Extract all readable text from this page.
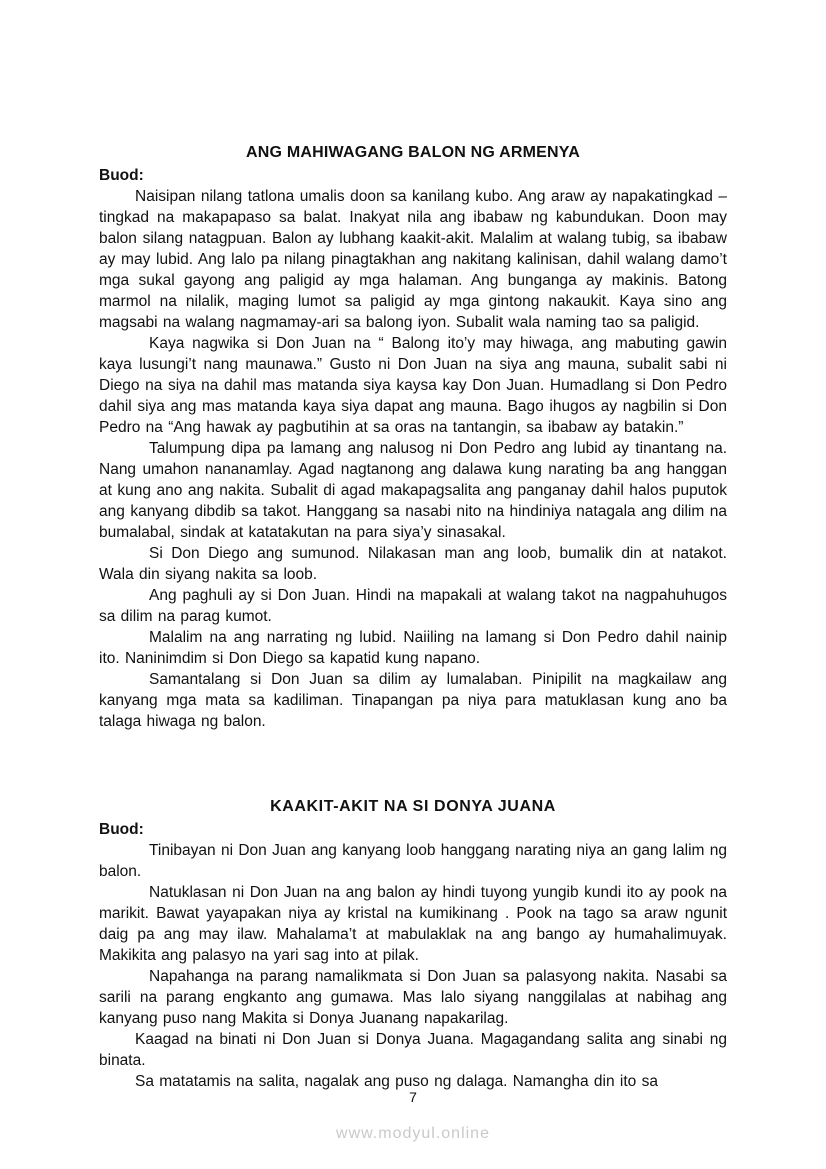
ANG MAHIWAGANG BALON NG ARMENYA
Buod:

Naisipan nilang tatlona umalis doon sa kanilang kubo. Ang araw ay napakatingkad –tingkad na makapapaso sa balat. Inakyat nila ang ibabaw ng kabundukan. Doon may balon silang natagpuan. Balon ay lubhang kaakit-akit. Malalim at walang tubig, sa ibabaw ay may lubid. Ang lalo pa nilang pinagtakhan ang nakitang kalinisan, dahil walang damo’t mga sukal gayong ang paligid ay mga halaman. Ang bunganga ay makinis. Batong marmol na nilalik, maging lumot sa paligid ay mga gintong nakaukit. Kaya sino ang magsabi na walang nagmamay-ari sa balong iyon. Subalit wala naming tao sa paligid.

Kaya nagwika si Don Juan na “ Balong ito’y may hiwaga, ang mabuting gawin kaya lusungi’t nang maunawa.” Gusto ni Don Juan na siya ang mauna, subalit sabi ni Diego na siya na dahil mas matanda siya kaysa kay Don Juan. Humadlang si Don Pedro dahil siya ang mas matanda kaya siya dapat ang mauna. Bago ihugos ay nagbilin si Don Pedro na “Ang hawak ay pagbutihin at sa oras na tantangin, sa ibabaw ay batakin.”

Talumpung dipa pa lamang ang nalusog ni Don Pedro ang lubid ay tinantang na. Nang umahon nananamlay. Agad nagtanong ang dalawa kung narating ba ang hanggan at kung ano ang nakita. Subalit di agad makapagsalita ang panganay dahil halos puputok ang kanyang dibdib sa takot. Hanggang sa nasabi nito na hindiniya natagala ang dilim na bumalabal, sindak at katatakutan na para siya’y sinasakal.

Si Don Diego ang sumunod. Nilakasan man ang loob, bumalik din at natakot. Wala din siyang nakita sa loob.

Ang paghuli ay si Don Juan. Hindi na mapakali at walang takot na nagpahuhugos sa dilim na parag kumot.

Malalim na ang narrating ng lubid. Naiiling na lamang si Don Pedro dahil nainip ito. Naninimdim si Don Diego sa kapatid kung napano.

Samantalang si Don Juan sa dilim ay lumalaban. Pinipilit na magkailaw ang kanyang mga mata sa kadiliman. Tinapangan pa niya para matuklasan kung ano ba talaga hiwaga ng balon.

KAAKIT-AKIT NA SI DONYA JUANA
Buod:

Tinibayan ni Don Juan ang kanyang loob hanggang narating niya an gang lalim ng balon.

Natuklasan ni Don Juan na ang balon ay hindi tuyong yungib kundi ito ay pook na marikit. Bawat yayapakan niya ay kristal na kumikinang . Pook na tago sa araw ngunit daig pa ang may ilaw. Mahalama’t at mabulaklak na ang bango ay humahalimuyak. Makikita ang palasyo na yari sag into at pilak.

Napahanga na parang namalikmata si Don Juan sa palasyong nakita. Nasabi sa sarili na parang engkanto ang gumawa. Mas lalo siyang nanggilalas at nabihag ang kanyang puso nang Makita si Donya Juanang napakarilag.

Kaagad na binati ni Don Juan si Donya Juana. Magagandang salita ang sinabi ng binata.

Sa matatamis na salita, nagalak ang puso ng dalaga. Namangha din ito sa

7
www.modyul.online
